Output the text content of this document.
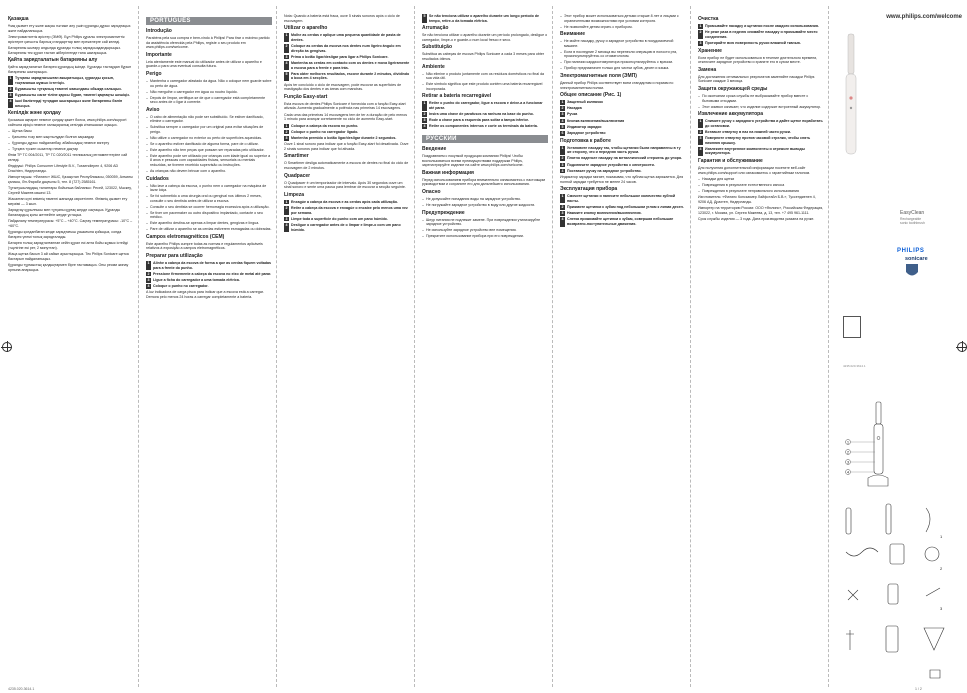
Қазақша

Ұзақ қызмет ету және жақсы нәтиже алу үшін құралды дұрыс зарядтаңыз және пайдаланыңыз.

Электромагниттік өрістер (ЭМӨ). Бұл Philips құралы электромагниттік өрістерге қатысты барлық стандарттар мен ережелерге сай келеді.

Батареяны шығару алдында құралды толық зарядсыздандырыңыз. Батареяны тек құрал тастап жіберілгенде ғана шығарыңыз.

Қайта зарядталатын батареяны алу

Қайта зарядталатын батарея құралдың ішінде. Құралды тастаудан бұрын батареяны шығарыңыз.

1 Тұтқаны зарядтағыштан ажыратыңыз, құралды қосып, тоқтағанша жұмыс істетіңіз.
2 Бұрағышты тұтқаның төменгі жағындағы ойыққа салыңыз.
3 Бұрағышты сағат тіліне қарсы бұрап, төменгі қақпақты шешіңіз.
4 Ішкі бөліктерді тұтқадан шығарыңыз және батареяны бөліп алыңыз.
Кепілдік және қолдау

Қосымша ақпарат немесе қолдау қажет болса, www.philips.com/support сайтына кіріңіз немесе халықаралық кепілдік кітапшасын оқыңыз.

– Щетка басы
– Қалыпты тозу мен жыртылудан болған зақымдар
– Құралды дұрыс пайдаланбау, абайсыздық немесе өзгерту
– Тұтқаға түскен сызаттар немесе дақтар

Өнім ТР ТС 004/2011, ТР ТС 020/2011 техникалық регламенттеріне сай келеді.

Өндіруші: Philips Consumer Lifestyle B.V., Tussendiepen 4, 9206 AD Drachten, Нидерланды.

Импорттаушы: «Филипс» ЖШС, Қазақстан Республикасы, 050059, Алматы қаласы, Әл-Фараби даңғылы 5, тел. 8 (727) 2585161.

Тұтынушылардың талаптары бойынша байланыс: Ресей, 123022, Мәскеу, Сергей Макеев көшесі 13.

Жасалған күні өнімнің төменгі жағында көрсетілген. Өнімнің қызмет ету мерзімі — 3 жыл.

Зарядтау құрылғысы мен тұтқаны құрғақ жерде сақтаңыз. Құралды балалардың қолы жетпейтін жерде ұстаңыз.

Пайдалану температурасы: +5°C – +40°C. Сақтау температурасы: -10°C – +60°C.

Құралды қолданбаған кезде зарядтағыш ұяшығына қойыңыз, сонда батарея үнемі толық зарядталады.

Батарея толық зарядталғаннан кейін құрал екі апта бойы жұмыс істейді (тәулігіне екі рет, 2 минуттан).

Жаңа щетка басын 3 ай сайын ауыстырыңыз. Тек Philips Sonicare щетка бастарын пайдаланыңыз.

Құралды тұрмыстық қалдықтармен бірге тастамаңыз. Оны ресми жинау орнына апарыңыз.

PORTUGUÊS
Introdução

Parabéns pela sua compra e bem-vindo à Philips! Para tirar o máximo partido da assistência oferecida pela Philips, registe o seu produto em www.philips.com/welcome.

Importante

Leia atentamente este manual do utilizador antes de utilizar o aparelho e guarde-o para uma eventual consulta futura.

Perigo
– Mantenha o carregador afastado da água. Não o coloque nem guarde sobre ou perto de água.
– Não mergulhe o carregador em água ou noutro líquido.
– Depois de limpar, certifique-se de que o carregador está completamente seco antes de o ligar à corrente.
Aviso
– O cabo de alimentação não pode ser substituído. Se estiver danificado, elimine o carregador.
– Substitua sempre o carregador por um original para evitar situações de perigo.
– Não utilize o carregador no exterior ou perto de superfícies aquecidas.
– Se o aparelho estiver danificado de alguma forma, pare de o utilizar.
– Este aparelho não tem peças que possam ser reparadas pelo utilizador.
– Este aparelho pode ser utilizado por crianças com idade igual ou superior a 8 anos e pessoas com capacidades físicas, sensoriais ou mentais reduzidas, se tiverem recebido supervisão ou instruções.
– As crianças não devem brincar com o aparelho.
Cuidados
– Não lave a cabeça da escova, o punho nem o carregador na máquina de lavar loiça.
– Se foi submetido a uma cirurgia oral ou gengival nos últimos 2 meses, consulte o seu dentista antes de utilizar a escova.
– Consulte o seu dentista se ocorrer hemorragia excessiva após a utilização.
– Se tiver um pacemaker ou outro dispositivo implantado, contacte o seu médico.
– Este aparelho destina-se apenas a limpar dentes, gengivas e língua.
– Pare de utilizar o aparelho se as cerdas estiverem esmagadas ou dobradas.
Campos eletromagnéticos (CEM)

Este aparelho Philips cumpre todas as normas e regulamentos aplicáveis relativos à exposição a campos eletromagnéticos.

Preparar para utilização
1 Alinhe a cabeça da escova de forma a que as cerdas fiquem voltadas para a frente do punho.
2 Pressione firmemente a cabeça da escova no eixo de metal até parar.
3 Ligue a ficha do carregador a uma tomada elétrica.
4 Coloque o punho no carregador.

A luz indicadora de carga pisca para indicar que a escova está a carregar. Demora pelo menos 24 horas a carregar completamente a bateria.

Nota: Quando a bateria está fraca, ouve 5 sinais sonoros após o ciclo de escovagem.

Utilizar o aparelho
1 Molhe as cerdas e aplique uma pequena quantidade de pasta de dentes.
2 Coloque as cerdas da escova nos dentes num ligeiro ângulo em direção às gengivas.
3 Prima o botão ligar/desligar para ligar a Philips Sonicare.
4 Mantenha as cerdas em contacto com os dentes e mova ligeiramente a escova para a frente e para trás.
5 Para obter melhores resultados, escove durante 2 minutos, dividindo a boca em 4 secções.

Após ter concluído o ciclo de escovagem, pode escovar as superfícies de mastigação dos dentes e as áreas com manchas.

Função Easy-start

Esta escova de dentes Philips Sonicare é fornecida com a função Easy-start ativada. Aumenta gradualmente a potência nas primeiras 14 escovagens.

Cada uma das primeiras 14 escovagens tem de ter a duração de pelo menos 1 minuto para avançar corretamente no ciclo de aumento Easy-start.

1 Coloque a cabeça da escova no punho.
2 Coloque o punho no carregador ligado.
3 Mantenha premido o botão ligar/desligar durante 2 segundos.

Ouve 1 sinal sonoro para indicar que a função Easy-start foi desativada. Ouve 2 sinais sonoros para indicar que foi ativada.

Smartimer

O Smartimer desliga automaticamente a escova de dentes no final do ciclo de escovagem de 2 minutos.

Quadpacer

O Quadpacer é um temporizador de intervalo. Após 30 segundos ouve um sinal sonoro e sente uma pausa para lembrar de escovar a secção seguinte.

Limpeza
1 Enxagúe a cabeça da escova e as cerdas após cada utilização.
2 Retire a cabeça da escova e enxagúe o encaixe pelo menos uma vez por semana.
3 Limpe toda a superfície do punho com um pano húmido.
4 Desligue o carregador antes de o limpar e limpe-o com um pano húmido.
5 Se não tenciona utilizar o aparelho durante um longo período de tempo, retire-o da tomada elétrica.
Arrumação

Se não tenciona utilizar o aparelho durante um período prolongado, desligue o carregador, limpe-o e guarde-o num local fresco e seco.

Substituição

Substitua as cabeças de escova Philips Sonicare a cada 3 meses para obter resultados ótimos.

Ambiente
– Não elimine o produto juntamente com os resíduos domésticos no final da sua vida útil.
– Este símbolo significa que este produto contém uma bateria recarregável incorporada.
Retirar a bateria recarregável
1 Retire o punho do carregador, ligue a escova e deixe-a a funcionar até parar.
2 Insira uma chave de parafusos na ranhura na base do punho.
3 Rode a chave para a esquerda para soltar a tampa inferior.
4 Retire os componentes internos e corte os terminais da bateria.
РУССКИЙ
Введение

Поздравляем с покупкой продукции компании Philips! Чтобы воспользоваться всеми преимуществами поддержки Philips, зарегистрируйте изделие на сайте www.philips.com/welcome.

Важная информация

Перед использованием прибора внимательно ознакомьтесь с настоящим руководством и сохраните его для дальнейшего использования.

Опасно
– Не допускайте попадания воды на зарядное устройство.
– Не погружайте зарядное устройство в воду или другие жидкости.
Предупреждение
– Шнур питания не подлежит замене. При повреждении утилизируйте зарядное устройство.
– Не используйте зарядное устройство вне помещения.
– Прекратите использование прибора при его повреждении.
– Этот прибор может использоваться детьми старше 8 лет и лицами с ограниченными возможностями при условии контроля.
– Не позволяйте детям играть с прибором.
Внимание
– Не мойте насадку, ручку и зарядное устройство в посудомоечной машине.
– Если в последние 2 месяца вы перенесли операцию в полости рта, проконсультируйтесь со стоматологом.
– При наличии кардиостимулятора проконсультируйтесь с врачом.
– Прибор предназначен только для чистки зубов, десен и языка.
Электромагнитные поля (ЭМП)

Данный прибор Philips соответствует всем стандартам и нормам по электромагнитным полям.

Общее описание (Рис. 1)
1 Защитный колпачок
2 Насадка
3 Ручка
4 Кнопка включения/выключения
5 Индикатор зарядки
6 Зарядное устройство
Подготовка к работе
1 Установите насадку так, чтобы щетинки были направлены в ту же сторону, что и передняя часть ручки.
2 Плотно наденьте насадку на металлический стержень до упора.
3 Подключите зарядное устройство к электросети.
4 Поставьте ручку на зарядное устройство.

Индикатор зарядки мигает, показывая, что зубная щетка заряжается. Для полной зарядки требуется не менее 24 часов.

Эксплуатация прибора
1 Смочите щетинки и нанесите небольшое количество зубной пасты.
2 Прижмите щетинки к зубам под небольшим углом к линии десен.
3 Нажмите кнопку включения/выключения.
4 Слегка прижимайте щетинки к зубам, совершая небольшие возвратно-поступательные движения.
Очистка
1 Промывайте насадку и щетинки после каждого использования.
2 Не реже раза в неделю снимайте насадку и промывайте место соединения.
3 Протирайте всю поверхность ручки влажной тканью.
Хранение

Если прибор не будет использоваться в течение длительного времени, отключите зарядное устройство и храните его в сухом месте.

Замена

Для достижения оптимальных результатов заменяйте насадки Philips Sonicare каждые 3 месяца.

Защита окружающей среды
– По окончании срока службы не выбрасывайте прибор вместе с бытовыми отходами.
– Этот символ означает, что изделие содержит встроенный аккумулятор.
Извлечение аккумулятора
1 Снимите ручку с зарядного устройства и дайте щетке поработать до остановки.
2 Вставьте отвертку в паз на нижней части ручки.
3 Поверните отвертку против часовой стрелки, чтобы снять нижнюю крышку.
4 Извлеките внутренние компоненты и отрежьте выводы аккумулятора.
Гарантия и обслуживание

Для получения дополнительной информации посетите веб-сайт www.philips.com/support или ознакомьтесь с гарантийным талоном.

– Насадки для щетки
– Повреждения в результате естественного износа
– Повреждения в результате неправильного использования

Изготовитель: «Филипс Консьюмер Лайфстайл Б.В.», Туссендиепен 4, 9206 АД, Драхтен, Нидерланды.

Импортер на территорию России: ООО «Филипс», Российская Федерация, 123022, г. Москва, ул. Сергея Макеева, д. 13, тел. +7 495 961-1111.

Срок службы изделия — 3 года. Дата производства указана на ручке.

www.philips.com/welcome
EasyClean
Rechargeable
sonic toothbrush
PHILIPS
sonicare
4235.020.3614.1
1
2
3
4
1
2
3
4235.020.3614.1	1 / 2
